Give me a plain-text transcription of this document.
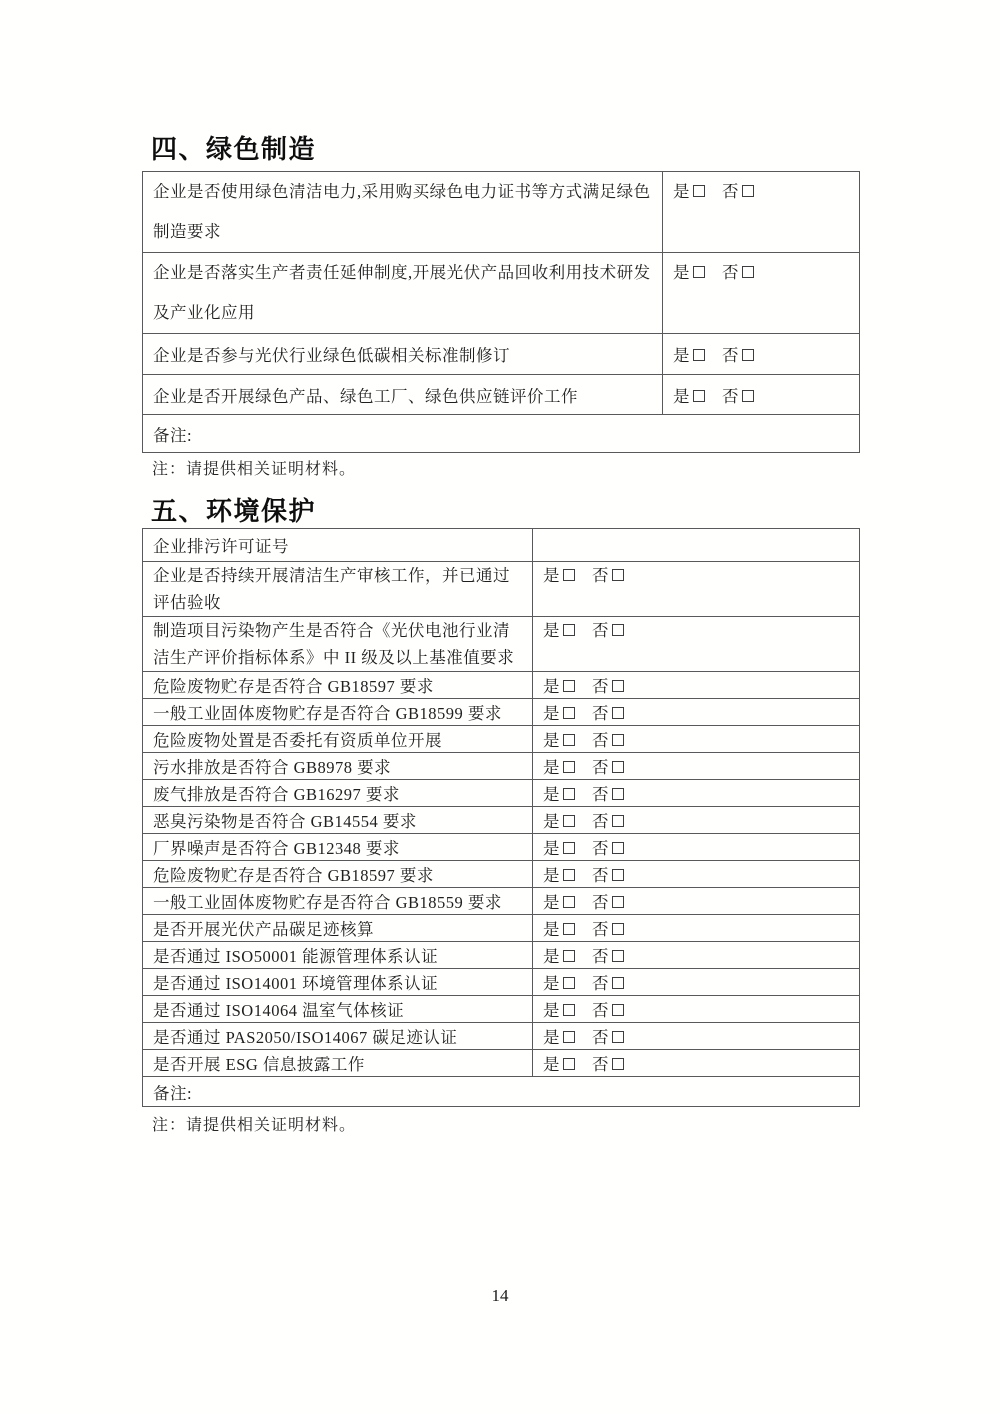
四、绿色制造
企业是否使用绿色清洁电力,采用购买绿色电力证书等方式满足绿色制造要求	是 否
企业是否落实生产者责任延伸制度,开展光伏产品回收利用技术研发及产业化应用	是 否
企业是否参与光伏行业绿色低碳相关标准制修订	是 否
企业是否开展绿色产品、绿色工厂、绿色供应链评价工作	是 否
备注:	
注：请提供相关证明材料。
五、环境保护
企业排污许可证号	
企业是否持续开展清洁生产审核工作，并已通过评估验收	是 否
制造项目污染物产生是否符合《光伏电池行业清洁生产评价指标体系》中 II 级及以上基准值要求	是 否
危险废物贮存是否符合 GB18597 要求	是 否
一般工业固体废物贮存是否符合 GB18599 要求	是 否
危险废物处置是否委托有资质单位开展	是 否
污水排放是否符合 GB8978 要求	是 否
废气排放是否符合 GB16297 要求	是 否
恶臭污染物是否符合 GB14554 要求	是 否
厂界噪声是否符合 GB12348 要求	是 否
危险废物贮存是否符合 GB18597 要求	是 否
一般工业固体废物贮存是否符合 GB18559 要求	是 否
是否开展光伏产品碳足迹核算	是 否
是否通过 ISO50001 能源管理体系认证	是 否
是否通过 ISO14001 环境管理体系认证	是 否
是否通过 ISO14064 温室气体核证	是 否
是否通过 PAS2050/ISO14067 碳足迹认证	是 否
是否开展 ESG 信息披露工作	是 否
备注:	
注：请提供相关证明材料。
14
